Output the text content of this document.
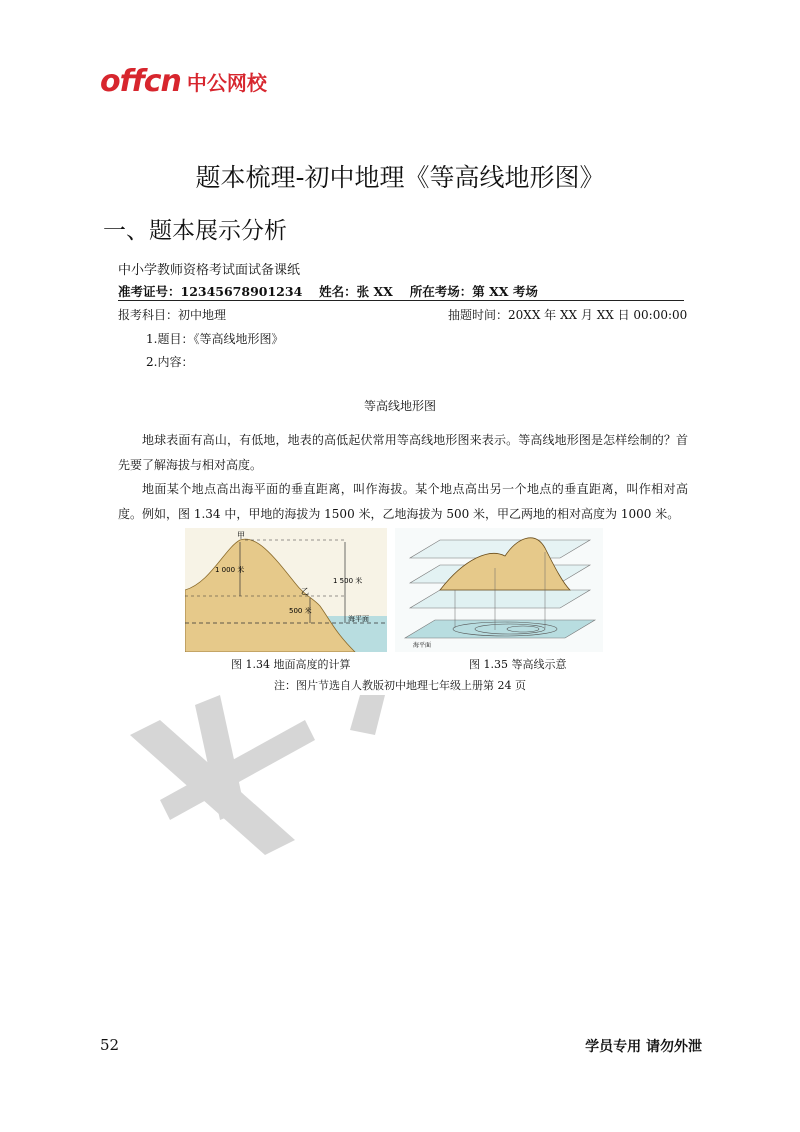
offcn 中公网校
题本梳理-初中地理《等高线地形图》
一、题本展示分析
中小学教师资格考试面试备课纸
准考证号：12345678901234　 姓名：张 XX　 所在考场：第 XX 考场
报考科目：初中地理	抽题时间：20XX 年 XX 月 XX 日 00:00:00
1.题目：《等高线地形图》
2.内容：
等高线地形图

地球表面有高山，有低地，地表的高低起伏常用等高线地形图来表示。等高线地形图是怎样绘制的？首先要了解海拔与相对高度。

地面某个地点高出海平面的垂直距离，叫作海拔。某个地点高出另一个地点的垂直距离，叫作相对高度。例如，图 1.34 中，甲地的海拔为 1500 米，乙地海拔为 500 米，甲乙两地的相对高度为 1000 米。

甲
乙
1 000 米
1 500 米
500 米
海平面
海平面
图 1.34 地面高度的计算	图 1.35 等高线示意
注：图片节选自人教版初中地理七年级上册第 24 页
52	学员专用 请勿外泄
